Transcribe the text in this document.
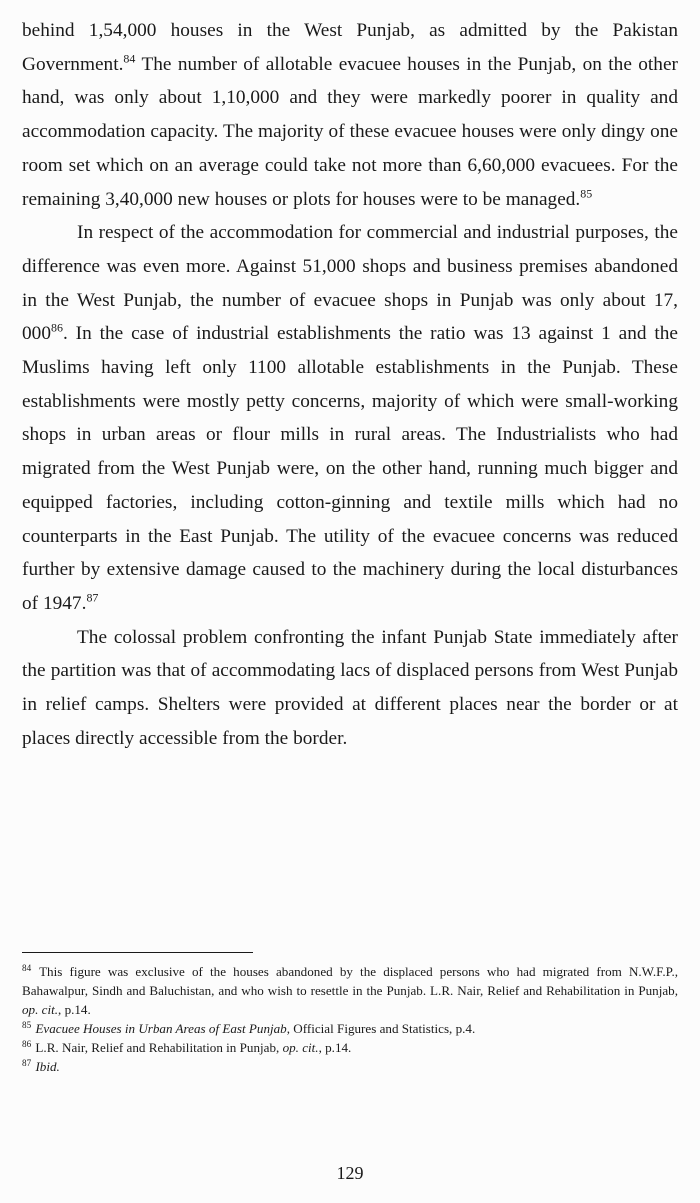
behind 1,54,000 houses in the West Punjab, as admitted by the Pakistan Government.$^{84}$ The number of allotable evacuee houses in the Punjab, on the other hand, was only about 1,10,000 and they were markedly poorer in quality and accommodation capacity. The majority of these evacuee houses were only dingy one room set which on an average could take not more than 6,60,000 evacuees. For the remaining 3,40,000 new houses or plots for houses were to be managed.$^{85}$

In respect of the accommodation for commercial and industrial purposes, the difference was even more. Against 51,000 shops and business premises abandoned in the West Punjab, the number of evacuee shops in Punjab was only about 17, $000^{86}$. In the case of industrial establishments the ratio was 13 against 1 and the Muslims having left only 1100 allotable establishments in the Punjab. These establishments were mostly petty concerns, majority of which were small-working shops in urban areas or flour mills in rural areas. The Industrialists who had migrated from the West Punjab were, on the other hand, running much bigger and equipped factories, including cotton-ginning and textile mills which had no counterparts in the East Punjab. The utility of the evacuee concerns was reduced further by extensive damage caused to the machinery during the local disturbances of 1947.87

The colossal problem confronting the infant Punjab State immediately after the partition was that of accommodating lacs of displaced persons from West Punjab in relief camps. Shelters were provided at different places near the border or at places directly accessible from the border.

$^{84}$ This figure was exclusive of the houses abandoned by the displaced persons who had migrated from N.W.F.P., Bahawalpur, Sindh and Baluchistan, and who wish to resettle in the Punjab. L.R. Nair, Relief and Rehabilitation in Punjab, op. cit., p.14.

$^{85}$ Evacuee Houses in Urban Areas of East Punjab, Official Figures and Statistics, p.4.

$^{86}$ L.R. Nair, Relief and Rehabilitation in Punjab, op. cit., p.14.

$^{87}$ Ibid.

129
